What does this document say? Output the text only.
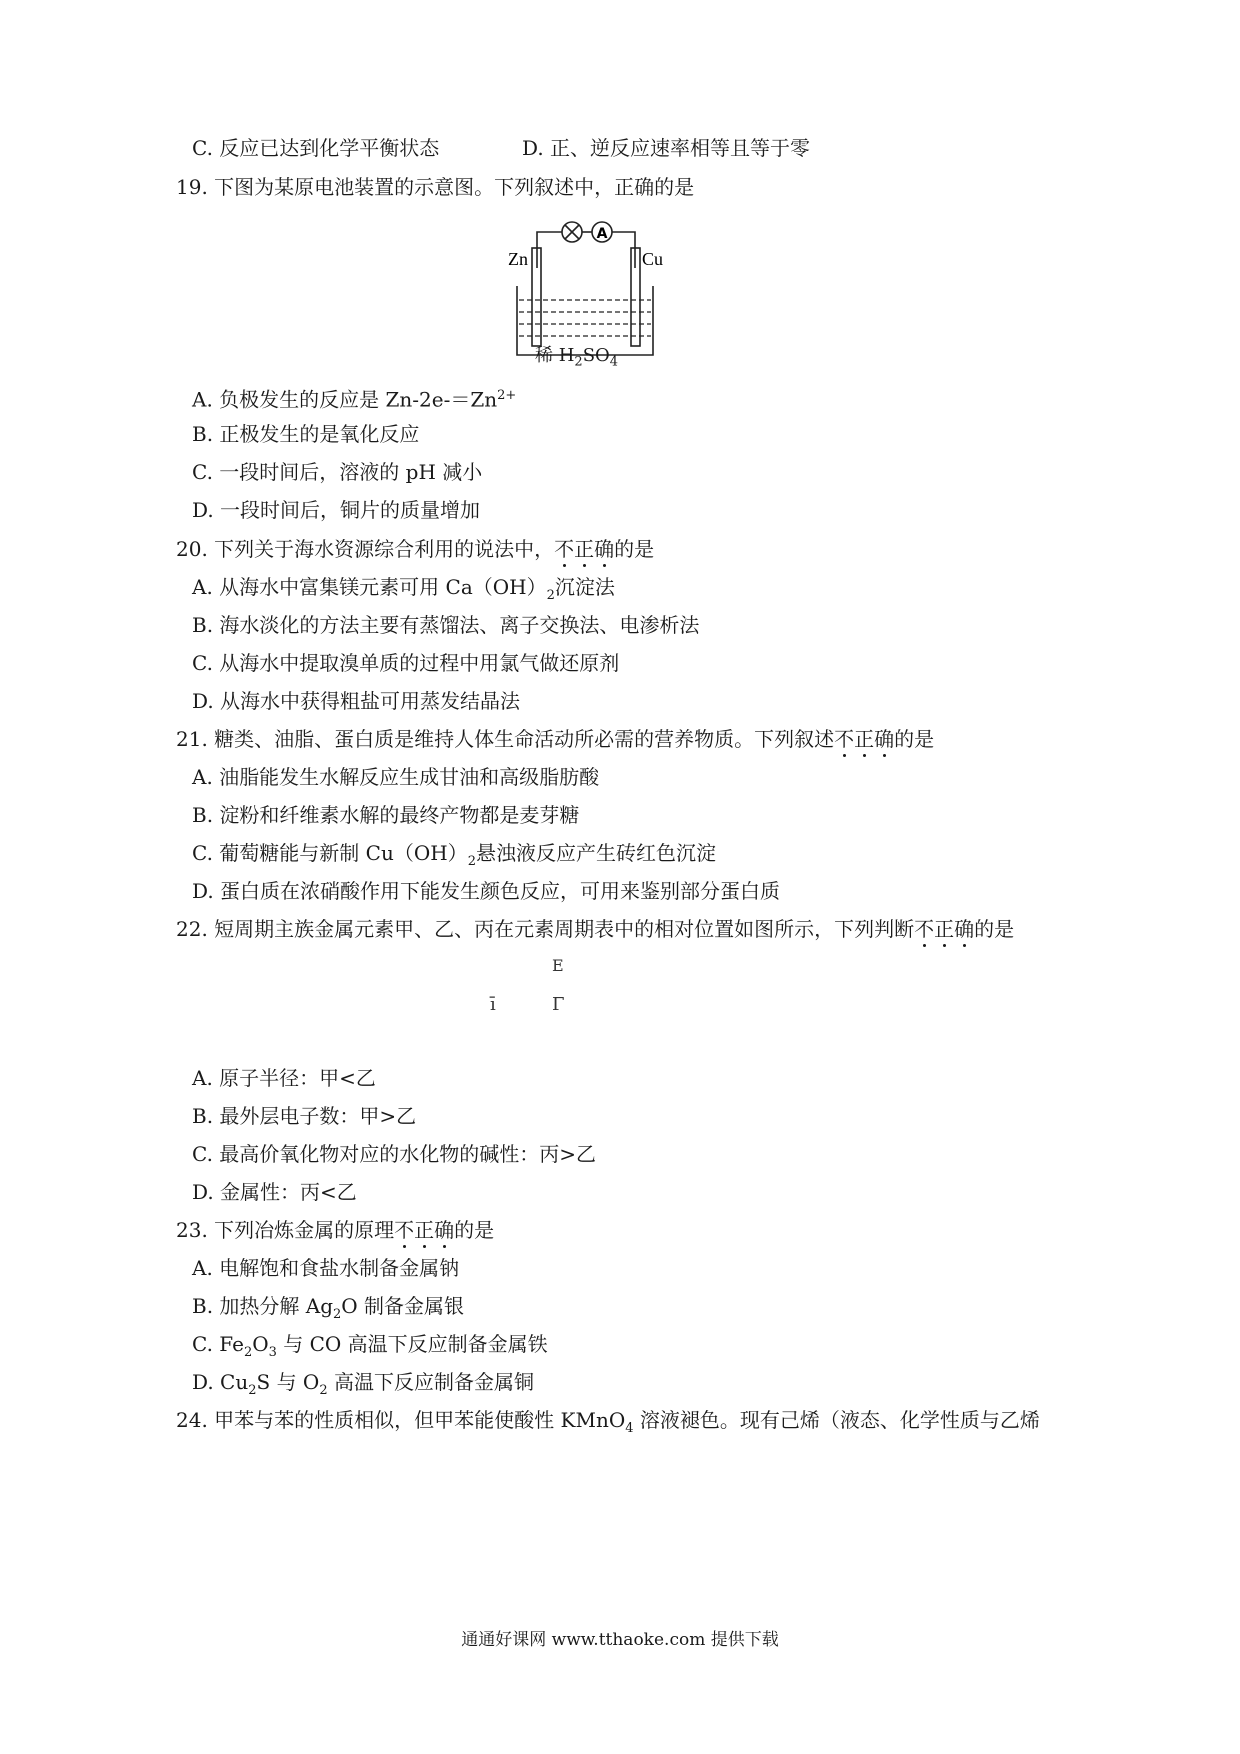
C. 反应已达到化学平衡状态	D. 正、逆反应速率相等且等于零
19. 下图为某原电池装置的示意图。下列叙述中，正确的是
A
Zn	Cu
稀 $H_2SO_4$
A. 负极发生的反应是 $Zn-2e-=Zn^{2+}$
B. 正极发生的是氧化反应
C. 一段时间后，溶液的 pH 减小
D. 一段时间后，铜片的质量增加
20. 下列关于海水资源综合利用的说法中，不正确的是
A. 从海水中富集镁元素可用 $Ca(OH)_2$沉淀法
B. 海水淡化的方法主要有蒸馏法、离子交换法、电渗析法
C. 从海水中提取溴单质的过程中用氯气做还原剂
D. 从海水中获得粗盐可用蒸发结晶法
21. 糖类、油脂、蛋白质是维持人体生命活动所必需的营养物质。下列叙述不正确的是
A. 油脂能发生水解反应生成甘油和高级脂肪酸
B. 淀粉和纤维素水解的最终产物都是麦芽糖
C. 葡萄糖能与新制 $Cu(OH)_2$悬浊液反应产生砖红色沉淀
D. 蛋白质在浓硝酸作用下能发生颜色反应，可用来鉴别部分蛋白质
22. 短周期主族金属元素甲、乙、丙在元素周期表中的相对位置如图所示，下列判断不正确的是
E
ī	Γ
A. 原子半径：甲<乙
B. 最外层电子数：甲>乙
C. 最高价氧化物对应的水化物的碱性：丙>乙
D. 金属性：丙<乙
23. 下列冶炼金属的原理不正确的是
A. 电解饱和食盐水制备金属钠
B. 加热分解 $Ag_2O$ 制备金属银
C. $Fe_2O_3$ 与 CO 高温下反应制备金属铁
D. $Cu_2S$ 与 $O_2$ 高温下反应制备金属铜
24. 甲苯与苯的性质相似，但甲苯能使酸性 KMnO$_4$ 溶液褪色。现有己烯（液态、化学性质与乙烯
通通好课网 www.tthaoke.com 提供下载
